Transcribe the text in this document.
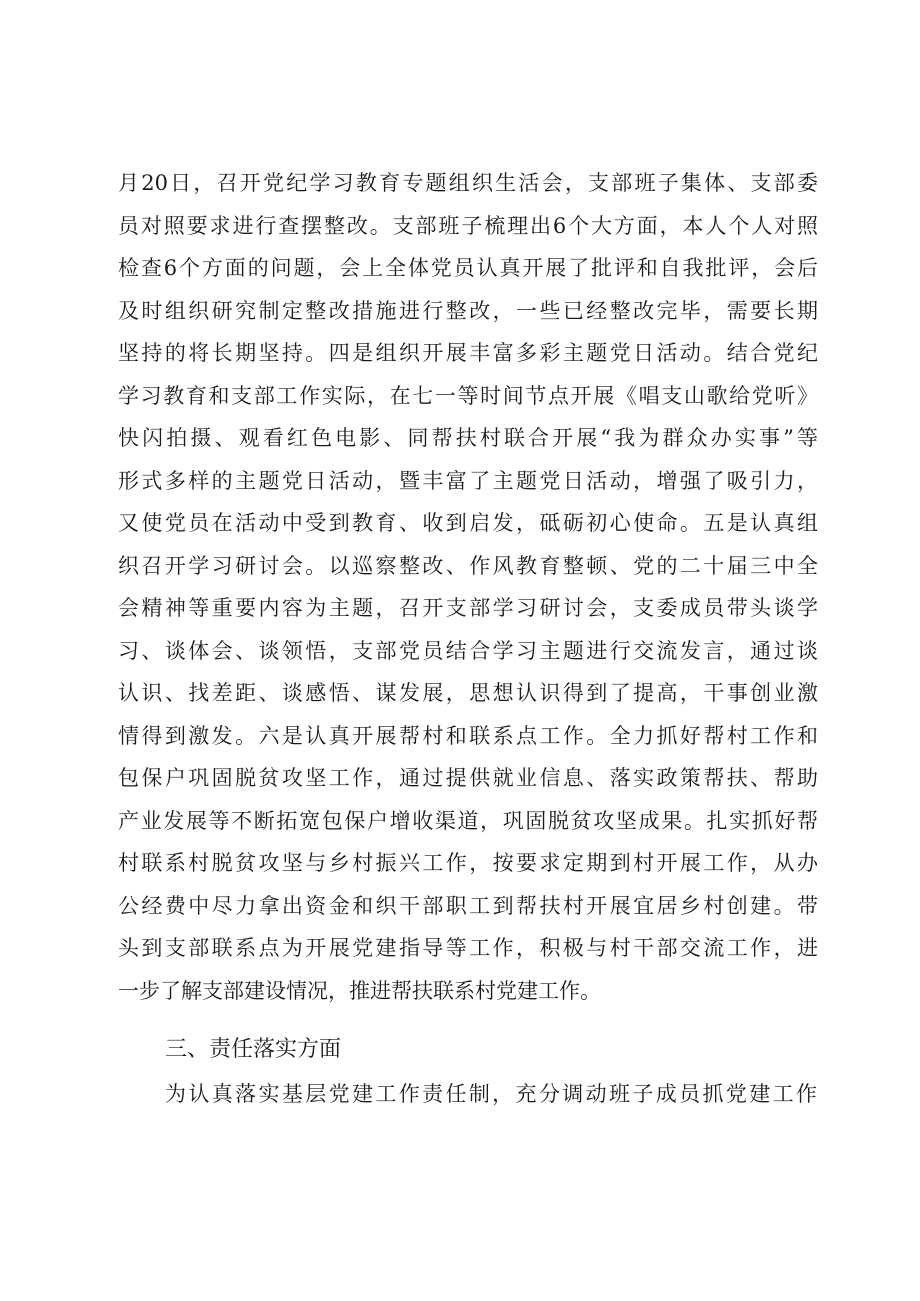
月20日，召开党纪学习教育专题组织生活会，支部班子集体、支部委
员对照要求进行查摆整改。支部班子梳理出6个大方面，本人个人对照
检查6个方面的问题，会上全体党员认真开展了批评和自我批评，会后
及时组织研究制定整改措施进行整改，一些已经整改完毕，需要长期
坚持的将长期坚持。四是组织开展丰富多彩主题党日活动。结合党纪
学习教育和支部工作实际，在七一等时间节点开展《唱支山歌给党听》
快闪拍摄、观看红色电影、同帮扶村联合开展“我为群众办实事”等
形式多样的主题党日活动，暨丰富了主题党日活动，增强了吸引力，
又使党员在活动中受到教育、收到启发，砥砺初心使命。五是认真组
织召开学习研讨会。以巡察整改、作风教育整顿、党的二十届三中全
会精神等重要内容为主题，召开支部学习研讨会，支委成员带头谈学
习、谈体会、谈领悟，支部党员结合学习主题进行交流发言，通过谈
认识、找差距、谈感悟、谋发展，思想认识得到了提高，干事创业激
情得到激发。六是认真开展帮村和联系点工作。全力抓好帮村工作和
包保户巩固脱贫攻坚工作，通过提供就业信息、落实政策帮扶、帮助
产业发展等不断拓宽包保户增收渠道，巩固脱贫攻坚成果。扎实抓好帮
村联系村脱贫攻坚与乡村振兴工作，按要求定期到村开展工作，从办
公经费中尽力拿出资金和织干部职工到帮扶村开展宜居乡村创建。带
头到支部联系点为开展党建指导等工作，积极与村干部交流工作，进
一步了解支部建设情况，推进帮扶联系村党建工作。
三、责任落实方面
为认真落实基层党建工作责任制，充分调动班子成员抓党建工作
